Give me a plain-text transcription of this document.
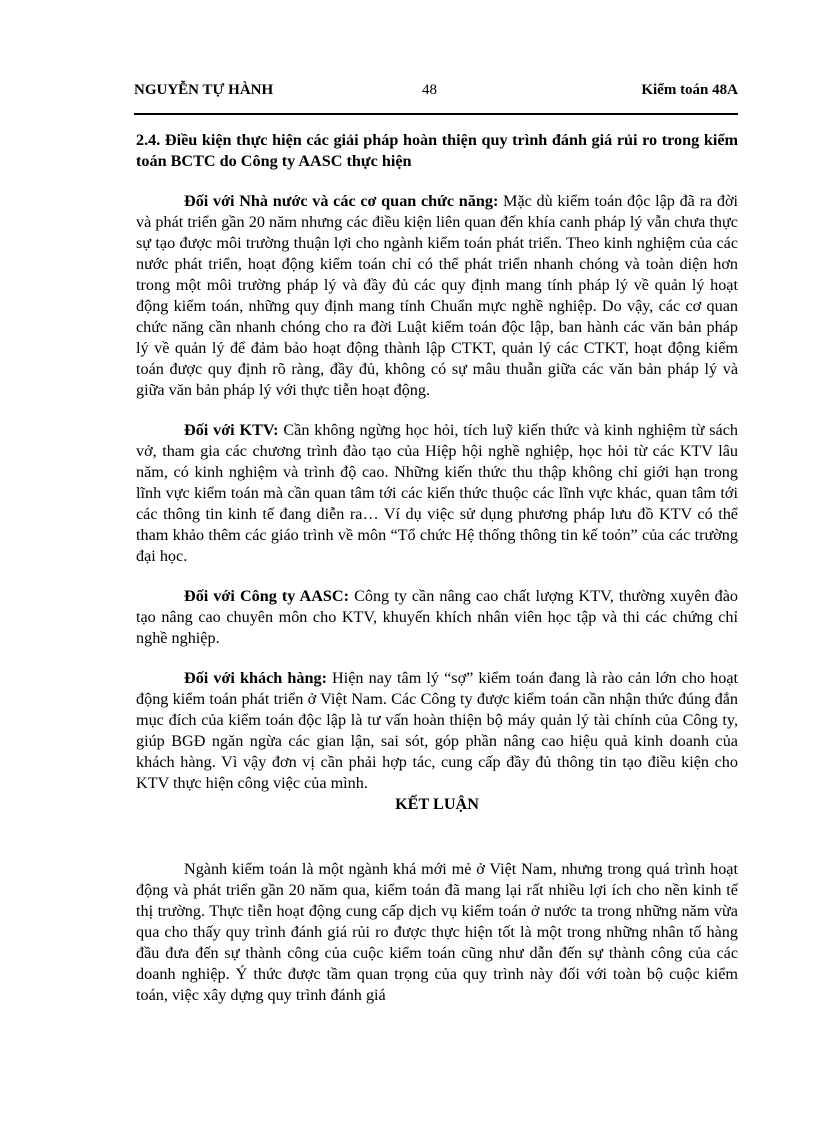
NGUYỄN TỰ HÀNH	48	Kiểm toán 48A

2.4. Điều kiện thực hiện các giải pháp hoàn thiện quy trình đánh giá rủi ro trong kiểm toán BCTC do Công ty AASC thực hiện

Đối với Nhà nước và các cơ quan chức năng: Mặc dù kiểm toán độc lập đã ra đời và phát triển gần 20 năm nhưng các điều kiện liên quan đến khía canh pháp lý vẫn chưa thực sự tạo được môi trường thuận lợi cho ngành kiểm toán phát triển. Theo kinh nghiệm của các nước phát triển, hoạt động kiểm toán chỉ có thể phát triển nhanh chóng và toàn diện hơn trong một môi trường pháp lý và đầy đủ các quy định mang tính pháp lý về quản lý hoạt động kiểm toán, những quy định mang tính Chuẩn mực nghề nghiệp. Do vậy, các cơ quan chức năng cần nhanh chóng cho ra đời Luật kiểm toán độc lập, ban hành các văn bản pháp lý về quản lý để đảm bảo hoạt động thành lập CTKT, quản lý các CTKT, hoạt động kiểm toán được quy định rõ ràng, đầy đủ, không có sự mâu thuẫn giữa các văn bản pháp lý và giữa văn bản pháp lý với thực tiễn hoạt động.

Đối với KTV: Cần không ngừng học hỏi, tích luỹ kiến thức và kinh nghiệm từ sách vở, tham gia các chương trình đào tạo của Hiệp hội nghề nghiệp, học hỏi từ các KTV lâu năm, có kinh nghiệm và trình độ cao. Những kiến thức thu thập không chỉ giới hạn trong lĩnh vực kiểm toán mà cần quan tâm tới các kiến thức thuộc các lĩnh vực khác, quan tâm tới các thông tin kinh tế đang diễn ra… Ví dụ việc sử dụng phương pháp lưu đồ KTV có thể tham khảo thêm các giáo trình về môn “Tổ chức Hệ thống thông tin kế toỏn” của các trường đại học.

Đối với Công ty AASC: Công ty cần nâng cao chất lượng KTV, thường xuyên đào tạo nâng cao chuyên môn cho KTV, khuyến khích nhân viên học tập và thi các chứng chỉ nghề nghiệp.

Đối với khách hàng: Hiện nay tâm lý “sợ” kiểm toán đang là rào cản lớn cho hoạt động kiểm toán phát triển ở Việt Nam. Các Công ty được kiểm toán cần nhận thức đúng đắn mục đích của kiểm toán độc lập là tư vấn hoàn thiện bộ máy quản lý tài chính của Công ty, giúp BGĐ ngăn ngừa các gian lận, sai sót, góp phần nâng cao hiệu quả kinh doanh của khách hàng. Vì vậy đơn vị cần phải hợp tác, cung cấp đầy đủ thông tin tạo điều kiện cho KTV thực hiện công việc của mình.

KẾT LUẬN

Ngành kiểm toán là một ngành khá mới mẻ ở Việt Nam, nhưng trong quá trình hoạt động và phát triển gần 20 năm qua, kiểm toán đã mang lại rất nhiều lợi ích cho nền kinh tế thị trường. Thực tiễn hoạt động cung cấp dịch vụ kiểm toán ở nước ta trong những năm vừa qua cho thấy quy trình đánh giá rủi ro được thực hiện tốt là một trong những nhân tố hàng đầu đưa đến sự thành công của cuộc kiểm toán cũng như dẫn đến sự thành công của các doanh nghiệp. Ý thức được tầm quan trọng của quy trình này đối với toàn bộ cuộc kiểm toán, việc xây dựng quy trình đánh giá
